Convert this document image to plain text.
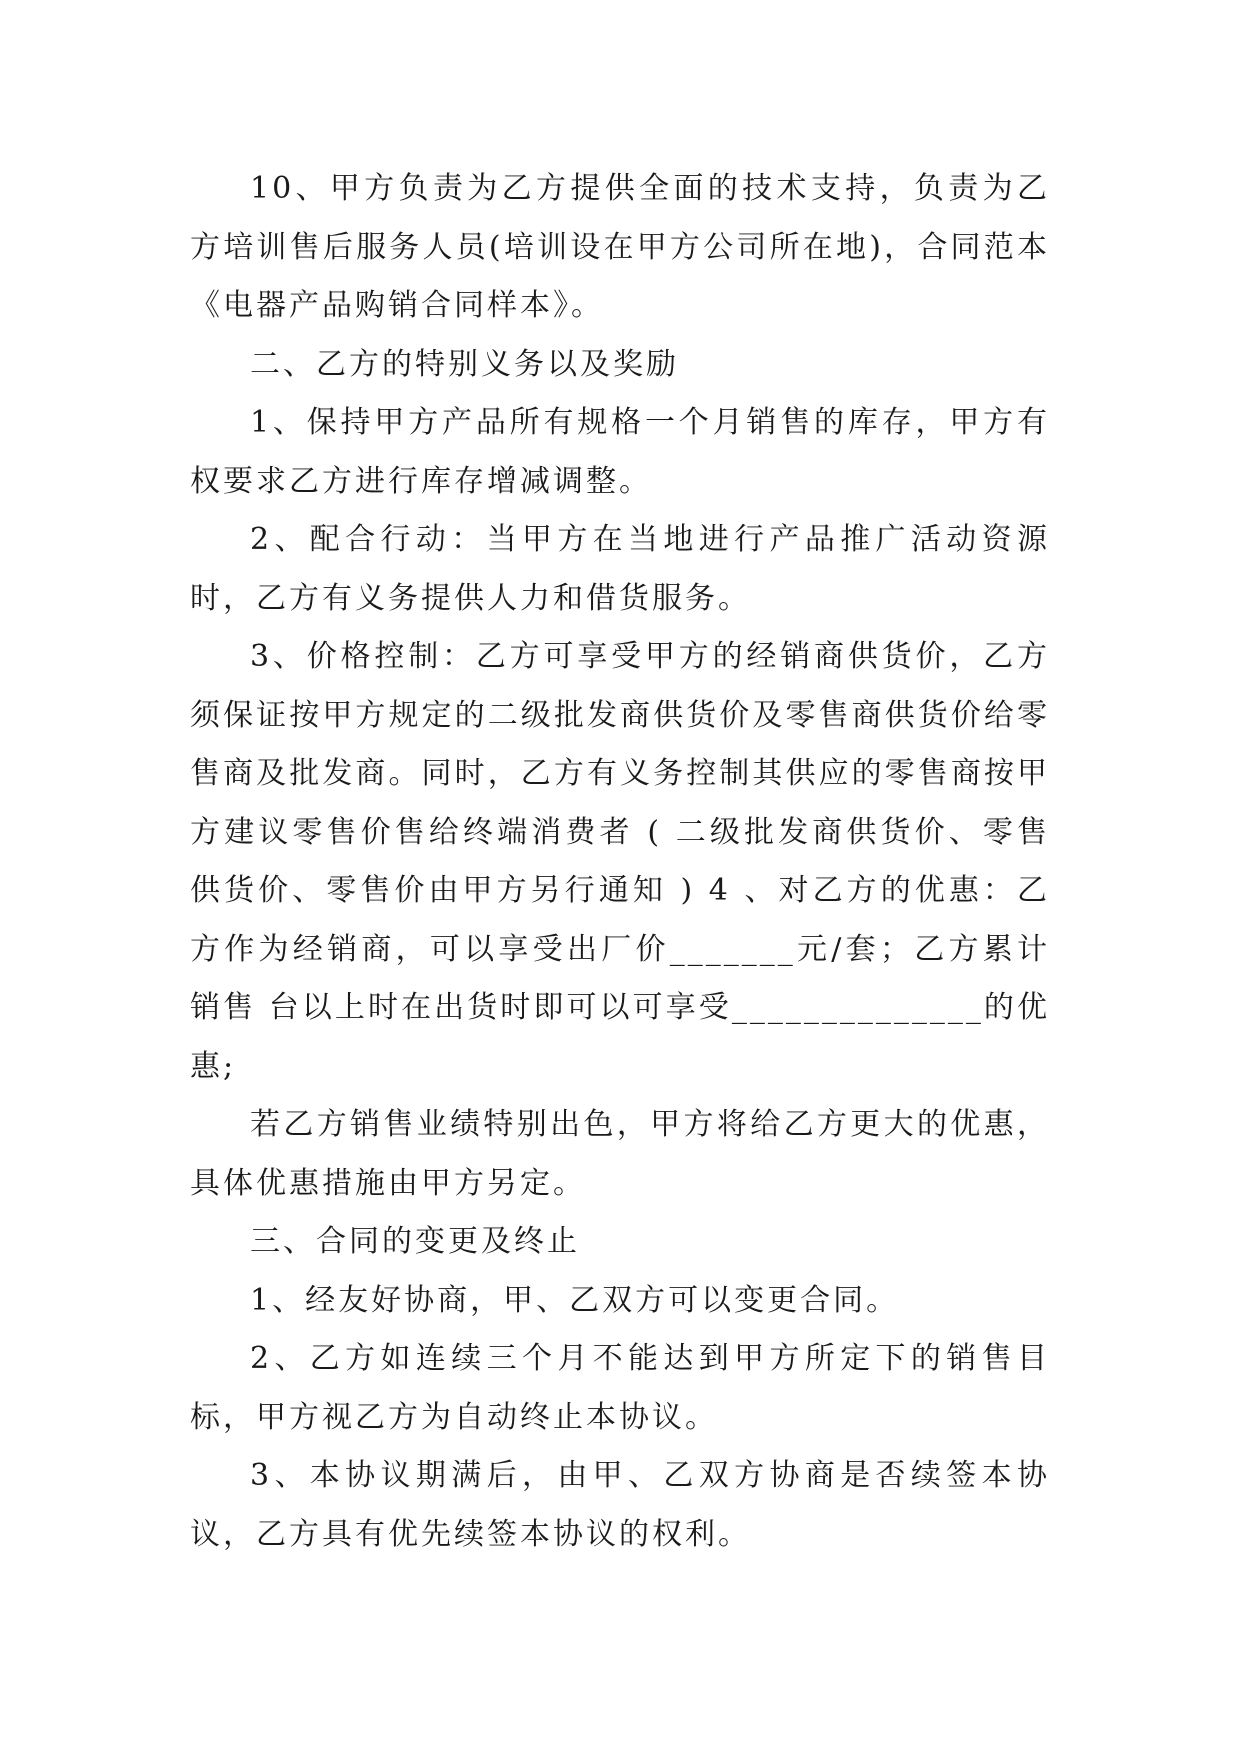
10、甲方负责为乙方提供全面的技术支持，负责为乙方培训售后服务人员(培训设在甲方公司所在地)，合同范本《电器产品购销合同样本》。

二、乙方的特别义务以及奖励

1、保持甲方产品所有规格一个月销售的库存，甲方有权要求乙方进行库存增减调整。

2、配合行动：当甲方在当地进行产品推广活动资源时，乙方有义务提供人力和借货服务。

3、价格控制：乙方可享受甲方的经销商供货价，乙方须保证按甲方规定的二级批发商供货价及零售商供货价给零售商及批发商。同时，乙方有义务控制其供应的零售商按甲方建议零售价售给终端消费者 ( 二级批发商供货价、零售供货价、零售价由甲方另行通知 ) 4 、对乙方的优惠：乙方作为经销商，可以享受出厂价_______元/套；乙方累计销售 台以上时在出货时即可以可享受______________的优惠;

若乙方销售业绩特别出色，甲方将给乙方更大的优惠，具体优惠措施由甲方另定。

三、合同的变更及终止

1、经友好协商，甲、乙双方可以变更合同。

2、乙方如连续三个月不能达到甲方所定下的销售目标，甲方视乙方为自动终止本协议。

3、本协议期满后，由甲、乙双方协商是否续签本协议，乙方具有优先续签本协议的权利。
